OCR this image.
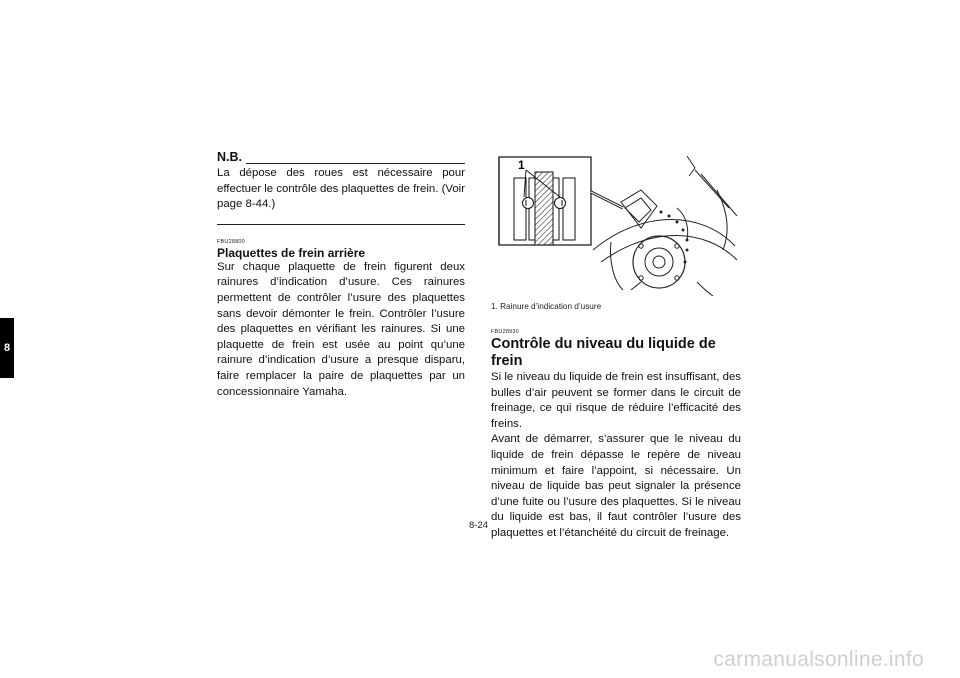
8
N.B.

La dépose des roues est nécessaire pour effectuer le contrôle des plaquettes de frein. (Voir page 8-44.)

FBU28800
Plaquettes de frein arrière

Sur chaque plaquette de frein figurent deux rainures d’indication d’usure. Ces rainures permettent de contrôler l’usure des plaquettes sans devoir démonter le frein. Contrôler l’usure des plaquettes en vérifiant les rainures. Si une plaquette de frein est usée au point qu’une rainure d’indication d’usure a presque disparu, faire remplacer la paire de plaquettes par un concessionnaire Yamaha.

1
1. Rainure d’indication d’usure
FBU28930
Contrôle du niveau du liquide de frein

Si le niveau du liquide de frein est insuffisant, des bulles d’air peuvent se former dans le circuit de freinage, ce qui risque de réduire l’efficacité des freins.

Avant de démarrer, s’assurer que le niveau du liquide de frein dépasse le repère de niveau minimum et faire l’appoint, si nécessaire. Un niveau de liquide bas peut signaler la présence d’une fuite ou l’usure des plaquettes. Si le niveau du liquide est bas, il faut contrôler l’usure des plaquettes et l’étanchéité du circuit de freinage.

8-24
carmanualsonline.info
